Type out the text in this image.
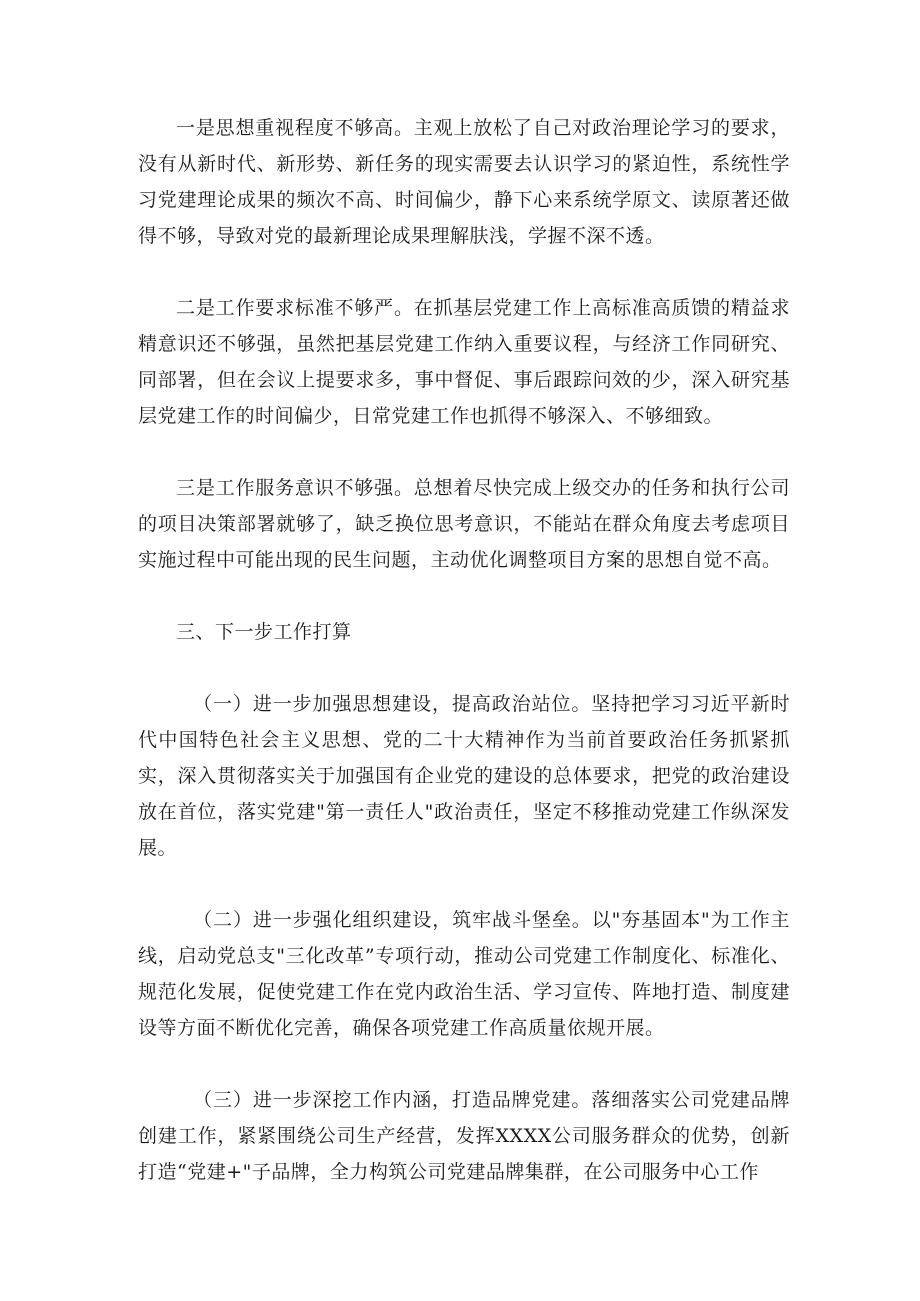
一是思想重视程度不够高。主观上放松了自己对政治理论学习的要求，没有从新时代、新形势、新任务的现实需要去认识学习的紧迫性，系统性学习党建理论成果的频次不高、时间偏少，静下心来系统学原文、读原著还做得不够，导致对党的最新理论成果理解肤浅，学握不深不透。

二是工作要求标准不够严。在抓基层党建工作上高标准高质馈的精益求精意识还不够强，虽然把基层党建工作纳入重要议程，与经济工作同研究、同部署，但在会议上提要求多，事中督促、事后跟踪问效的少，深入研究基层党建工作的时间偏少，日常党建工作也抓得不够深入、不够细致。

三是工作服务意识不够强。总想着尽快完成上级交办的任务和执行公司的项目决策部署就够了，缺乏换位思考意识，不能站在群众角度去考虑项目实施过程中可能出现的民生问题，主动优化调整项目方案的思想自觉不高。

三、下一步工作打算

（一）进一步加强思想建设，提高政治站位。坚持把学习习近平新时代中国特色社会主义思想、党的二十大精神作为当前首要政治任务抓紧抓实，深入贯彻落实关于加强国有企业党的建设的总体要求，把党的政治建设放在首位，落实党建"第一责任人"政治责任，坚定不移推动党建工作纵深发展。

（二）进一步强化组织建设，筑牢战斗堡垒。以"夯基固本"为工作主线，启动党总支"三化改革”专项行动，推动公司党建工作制度化、标准化、规范化发展，促使党建工作在党内政治生活、学习宣传、阵地打造、制度建设等方面不断优化完善，确保各项党建工作高质量依规开展。

（三）进一步深挖工作内涵，打造品牌党建。落细落实公司党建品牌创建工作，紧紧围绕公司生产经营，发挥XXXX公司服务群众的优势，创新打造“党建+"子品牌，全力构筑公司党建品牌集群，在公司服务中心工作
